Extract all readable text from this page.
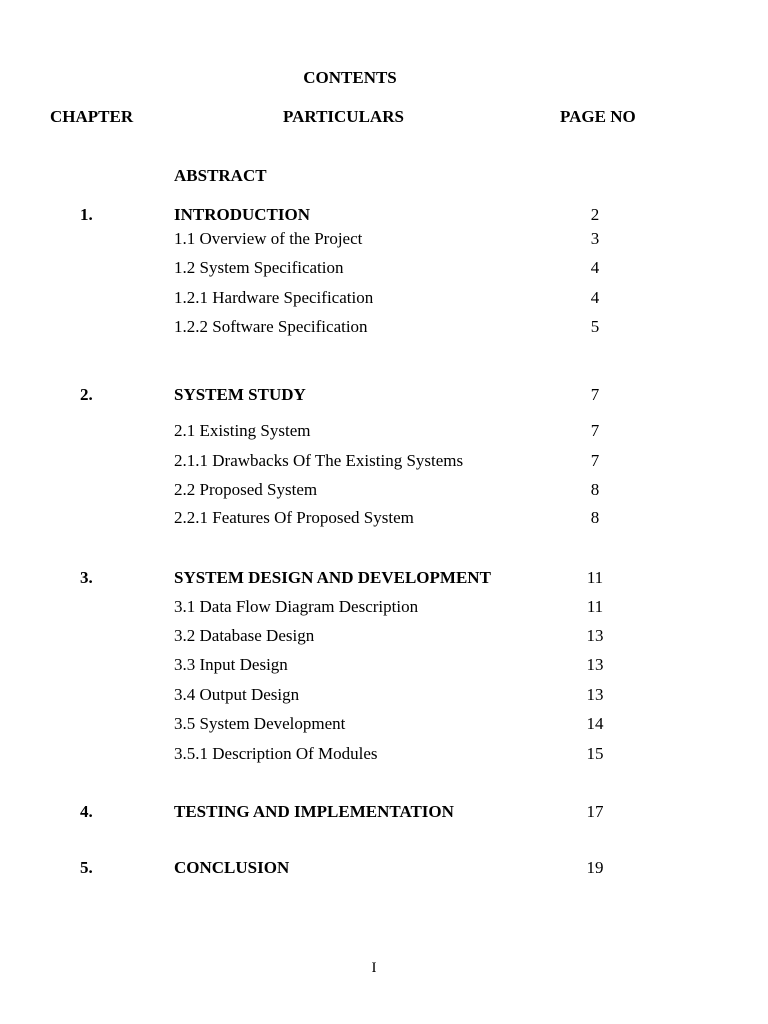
CONTENTS
CHAPTER	PARTICULARS	PAGE NO
ABSTRACT
1.	INTRODUCTION	2
1.1 Overview of the Project	3
1.2 System Specification	4
1.2.1 Hardware Specification	4
1.2.2 Software Specification	5
2.	SYSTEM STUDY	7
2.1 Existing System	7
2.1.1 Drawbacks Of The Existing Systems	7
2.2 Proposed System	8
2.2.1 Features Of Proposed System	8
3.	SYSTEM DESIGN AND DEVELOPMENT	11
3.1 Data Flow Diagram Description	11
3.2 Database Design	13
3.3 Input Design	13
3.4 Output Design	13
3.5 System Development	14
3.5.1 Description Of Modules	15
4.	TESTING AND IMPLEMENTATION	17
5.	CONCLUSION	19
I
